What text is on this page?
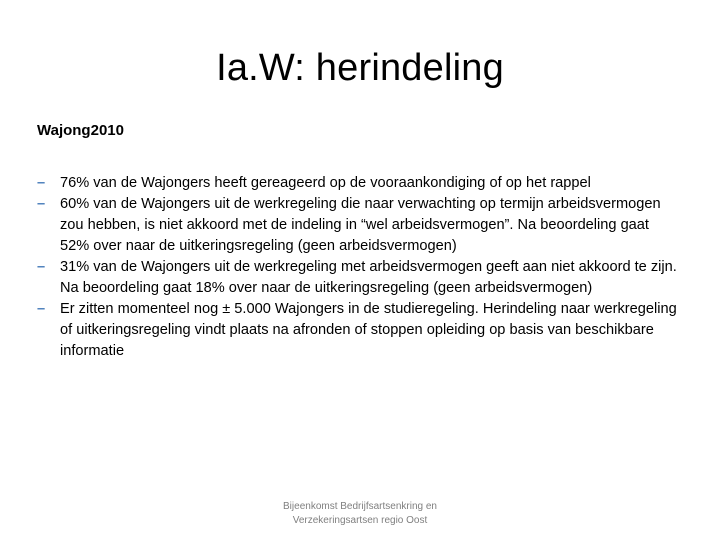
Ia.W: herindeling
Wajong2010
–	76% van de Wajongers heeft gereageerd op de vooraankondiging of op het rappel
–	60% van de Wajongers uit de werkregeling die naar verwachting op termijn arbeidsvermogen zou hebben, is niet akkoord met de indeling in “wel arbeidsvermogen”. Na beoordeling gaat 52% over naar de uitkeringsregeling (geen arbeidsvermogen)
–	31% van de Wajongers uit de werkregeling met arbeidsvermogen geeft aan niet akkoord te zijn. Na beoordeling gaat 18% over naar de uitkeringsregeling (geen arbeidsvermogen)
–	Er zitten momenteel nog ± 5.000 Wajongers in de studieregeling. Herindeling naar werkregeling of uitkeringsregeling vindt plaats na afronden of stoppen opleiding op basis van beschikbare informatie
Bijeenkomst Bedrijfsartsenkring en
Verzekeringsartsen regio Oost
